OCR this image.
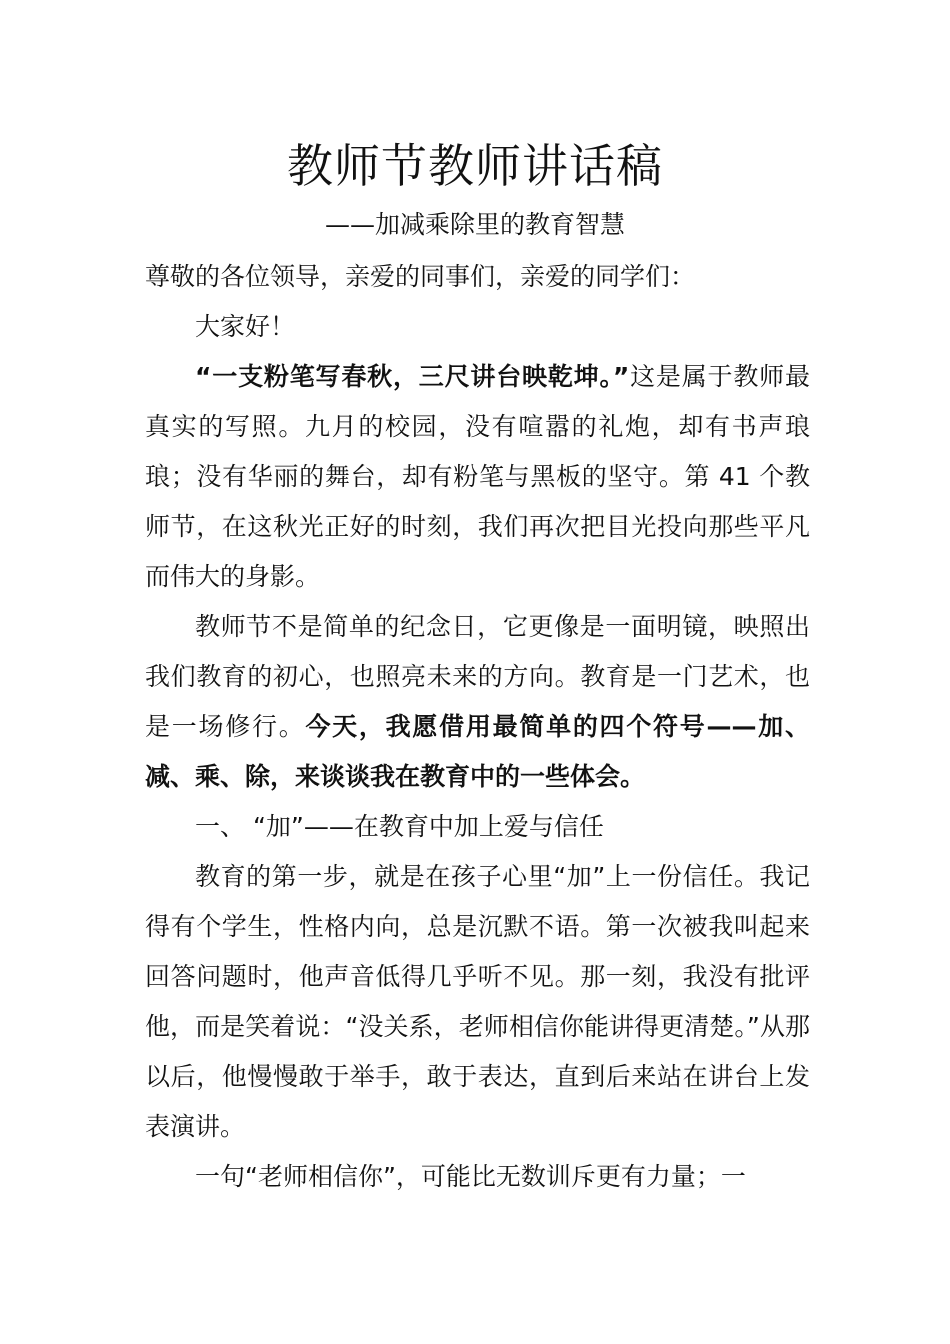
教师节教师讲话稿
——加减乘除里的教育智慧

尊敬的各位领导，亲爱的同事们，亲爱的同学们：

大家好！

“一支粉笔写春秋，三尺讲台映乾坤。”这是属于教师最真实的写照。九月的校园，没有喧嚣的礼炮，却有书声琅琅；没有华丽的舞台，却有粉笔与黑板的坚守。第 41 个教师节，在这秋光正好的时刻，我们再次把目光投向那些平凡而伟大的身影。

教师节不是简单的纪念日，它更像是一面明镜，映照出我们教育的初心，也照亮未来的方向。教育是一门艺术，也是一场修行。今天，我愿借用最简单的四个符号——加、减、乘、除，来谈谈我在教育中的一些体会。

一、 “加”——在教育中加上爱与信任

教育的第一步，就是在孩子心里“加”上一份信任。我记得有个学生，性格内向，总是沉默不语。第一次被我叫起来回答问题时，他声音低得几乎听不见。那一刻，我没有批评他，而是笑着说：“没关系，老师相信你能讲得更清楚。”从那以后，他慢慢敢于举手，敢于表达，直到后来站在讲台上发表演讲。

一句“老师相信你”，可能比无数训斥更有力量；一
